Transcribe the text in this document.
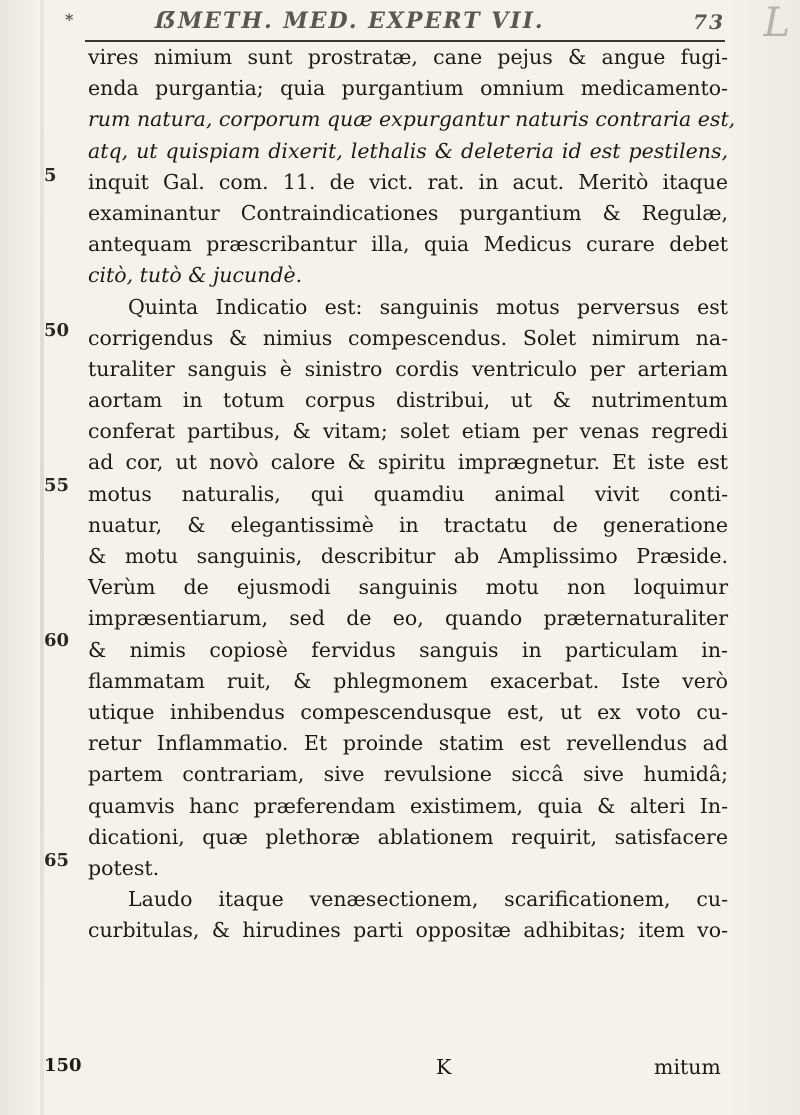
L
*	ẞMETH. MED. EXPERT VII.	73
5
50
55
60
65
vires nimium sunt prostratæ, cane pejus & angue fugi-
enda purgantia; quia purgantium omnium medicamento-
rum natura, corporum quæ expurgantur naturis contraria est,
atq, ut quispiam dixerit, lethalis & deleteria id est pestilens,
inquit Gal. com. 11. de vict. rat. in acut. Meritò itaque
examinantur Contraindicationes purgantium & Regulæ,
antequam præscribantur illa, quia Medicus curare debet
citò, tutò & jucundè.
Quinta Indicatio est: sanguinis motus perversus est
corrigendus & nimius compescendus. Solet nimirum na-
turaliter sanguis è sinistro cordis ventriculo per arteriam
aortam in totum corpus distribui, ut & nutrimentum
conferat partibus, & vitam; solet etiam per venas regredi
ad cor, ut novò calore & spiritu imprægnetur. Et iste est
motus naturalis, qui quamdiu animal vivit conti-
nuatur, & elegantissimè in tractatu de generatione
& motu sanguinis, describitur ab Amplissimo Præside.
Verùm de ejusmodi sanguinis motu non loquimur
impræsentiarum, sed de eo, quando præternaturaliter
& nimis copiosè fervidus sanguis in particulam in-
flammatam ruit, & phlegmonem exacerbat. Iste verò
utique inhibendus compescendusque est, ut ex voto cu-
retur Inflammatio. Et proinde statim est revellendus ad
partem contrariam, sive revulsione siccâ sive humidâ;
quamvis hanc præferendam existimem, quia & alteri In-
dicationi, quæ plethoræ ablationem requirit, satisfacere
potest.
Laudo itaque venæsectionem, scarificationem, cu-
curbitulas, & hirudines parti oppositæ adhibitas; item vo-
150	K	mitum
